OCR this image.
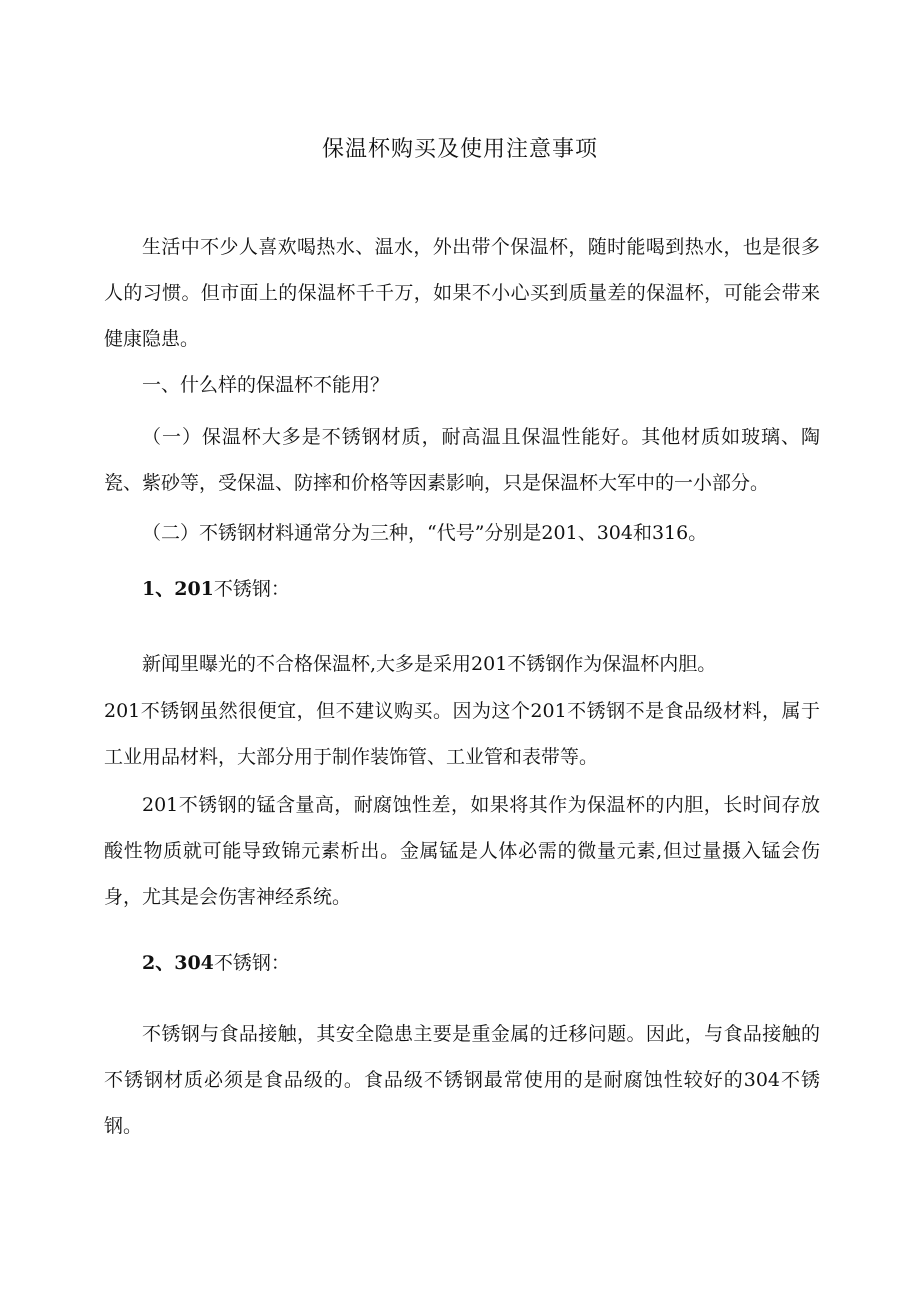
保温杯购买及使用注意事项

生活中不少人喜欢喝热水、温水，外出带个保温杯，随时能喝到热水，也是很多人的习惯。但市面上的保温杯千千万，如果不小心买到质量差的保温杯，可能会带来健康隐患。

一、什么样的保温杯不能用？

（一）保温杯大多是不锈钢材质，耐高温且保温性能好。其他材质如玻璃、陶瓷、紫砂等，受保温、防摔和价格等因素影响，只是保温杯大军中的一小部分。

（二）不锈钢材料通常分为三种，“代号”分别是201、304和316。

1、201不锈钢：

新闻里曝光的不合格保温杯,大多是采用201不锈钢作为保温杯内胆。

201不锈钢虽然很便宜，但不建议购买。因为这个201不锈钢不是食品级材料，属于工业用品材料，大部分用于制作装饰管、工业管和表带等。

201不锈钢的锰含量高，耐腐蚀性差，如果将其作为保温杯的内胆，长时间存放酸性物质就可能导致锦元素析出。金属锰是人体必需的微量元素,但过量摄入锰会伤身，尤其是会伤害神经系统。

2、304不锈钢：

不锈钢与食品接触，其安全隐患主要是重金属的迁移问题。因此，与食品接触的不锈钢材质必须是食品级的。食品级不锈钢最常使用的是耐腐蚀性较好的304不锈钢。
